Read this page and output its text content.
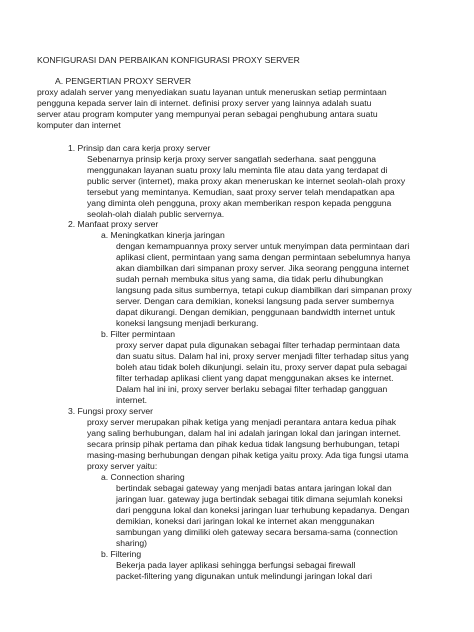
KONFIGURASI DAN PERBAIKAN KONFIGURASI PROXY SERVER
A. PENGERTIAN PROXY SERVER
proxy adalah server yang menyediakan suatu layanan untuk meneruskan setiap permintaan
pengguna kepada server lain di internet. definisi proxy server yang lainnya adalah suatu
server atau program komputer yang mempunyai peran sebagai penghubung antara suatu
komputer dan internet
1. Prinsip dan cara kerja proxy server
Sebenarnya prinsip kerja proxy server sangatlah sederhana. saat pengguna
menggunakan layanan suatu proxy lalu meminta file atau data yang terdapat di
public server (internet), maka proxy akan meneruskan ke internet seolah-olah proxy
tersebut yang memintanya. Kemudian, saat proxy server telah mendapatkan apa
yang diminta oleh pengguna, proxy akan memberikan respon kepada pengguna
seolah-olah dialah public servernya.
2. Manfaat proxy server
a. Meningkatkan kinerja jaringan
dengan kemampuannya proxy server untuk menyimpan data permintaan dari
aplikasi client, permintaan yang sama dengan permintaan sebelumnya hanya
akan diambilkan dari simpanan proxy server. Jika seorang pengguna internet
sudah pernah membuka situs yang sama, dia tidak perlu dihubungkan
langsung pada situs sumbernya, tetapi cukup diambilkan dari simpanan proxy
server. Dengan cara demikian, koneksi langsung pada server sumbernya
dapat dikurangi. Dengan demikian, penggunaan bandwidth internet untuk
koneksi langsung menjadi berkurang.
b. Filter permintaan
proxy server dapat pula digunakan sebagai filter terhadap permintaan data
dan suatu situs. Dalam hal ini, proxy server menjadi filter terhadap situs yang
boleh atau tidak boleh dikunjungi. selain itu, proxy server dapat pula sebagai
filter terhadap aplikasi client yang dapat menggunakan akses ke internet.
Dalam hal ini ini, proxy server berlaku sebagai filter terhadap gangguan
internet.
3. Fungsi proxy server
proxy server merupakan pihak ketiga yang menjadi perantara antara kedua pihak
yang saling berhubungan, dalam hal ini adalah jaringan lokal dan jaringan internet.
secara prinsip pihak pertama dan pihak kedua tidak langsung berhubungan, tetapi
masing-masing berhubungan dengan pihak ketiga yaitu proxy. Ada tiga fungsi utama
proxy server yaitu:
a. Connection sharing
bertindak sebagai gateway yang menjadi batas antara jaringan lokal dan
jaringan luar. gateway juga bertindak sebagai titik dimana sejumlah koneksi
dari pengguna lokal dan koneksi jaringan luar terhubung kepadanya. Dengan
demikian, koneksi dari jaringan lokal ke internet akan menggunakan
sambungan yang dimiliki oleh gateway secara bersama-sama (connection
sharing)
b. Filtering
Bekerja pada layer aplikasi sehingga berfungsi sebagai firewall
packet-filtering yang digunakan untuk melindungi jaringan lokal dari
